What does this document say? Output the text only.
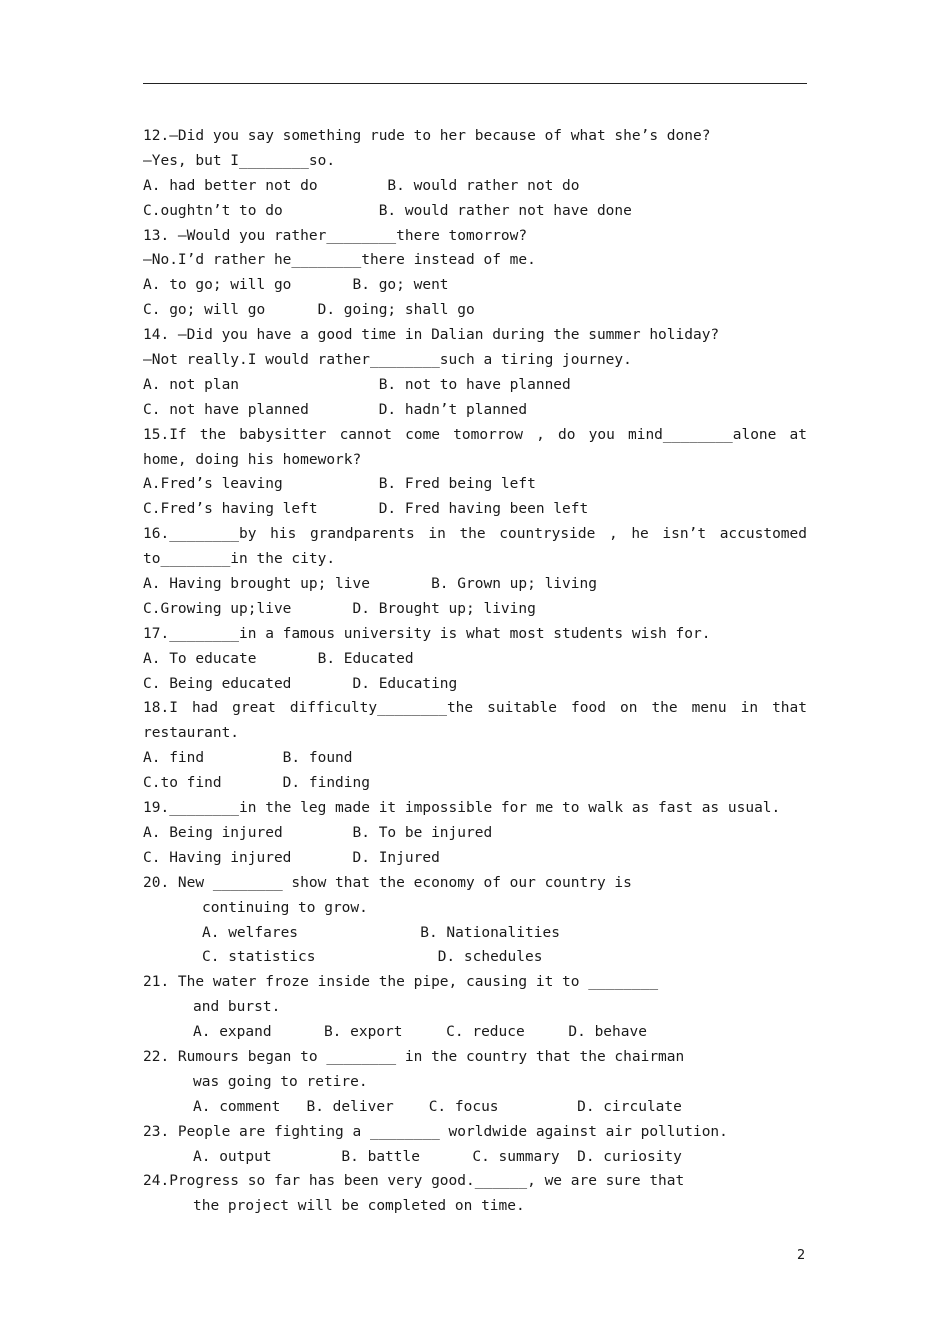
12.—Did you say something rude to her because of what she’s done?
—Yes, but I________so.
A. had better not do        B. would rather not do
C.oughtn’t to do           B. would rather not have done
13. —Would you rather________there tomorrow?
—No.I’d rather he________there instead of me.
A. to go; will go       B. go; went
C. go; will go      D. going; shall go
14. —Did you have a good time in Dalian during the summer holiday?
—Not really.I would rather________such a tiring journey.
A. not plan                B. not to have planned
C. not have planned        D. hadn’t planned
15.If the babysitter cannot come tomorrow , do you mind________alone at
home, doing his homework?
A.Fred’s leaving           B. Fred being left
C.Fred’s having left       D. Fred having been left
16.________by his grandparents in the countryside , he isn’t accustomed
to________in the city.
A. Having brought up; live       B. Grown up; living
C.Growing up;live       D. Brought up; living
17.________in a famous university is what most students wish for.
A. To educate       B. Educated
C. Being educated       D. Educating
18.I had great difficulty________the suitable food on the menu in that
restaurant.
A. find         B. found
C.to find       D. finding
19.________in the leg made it impossible for me to walk as fast as usual.
A. Being injured        B. To be injured
C. Having injured       D. Injured
20. New ________ show that the economy of our country is
continuing to grow.
A. welfares              B. Nationalities
C. statistics              D. schedules
21. The water froze inside the pipe, causing it to ________
and burst.
A. expand      B. export     C. reduce     D. behave
22. Rumours began to ________ in the country that the chairman
was going to retire.
A. comment   B. deliver    C. focus         D. circulate
23. People are fighting a ________ worldwide against air pollution.
A. output        B. battle      C. summary  D. curiosity
24.Progress so far has been very good.______, we are sure that
the project will be completed on time.
2
